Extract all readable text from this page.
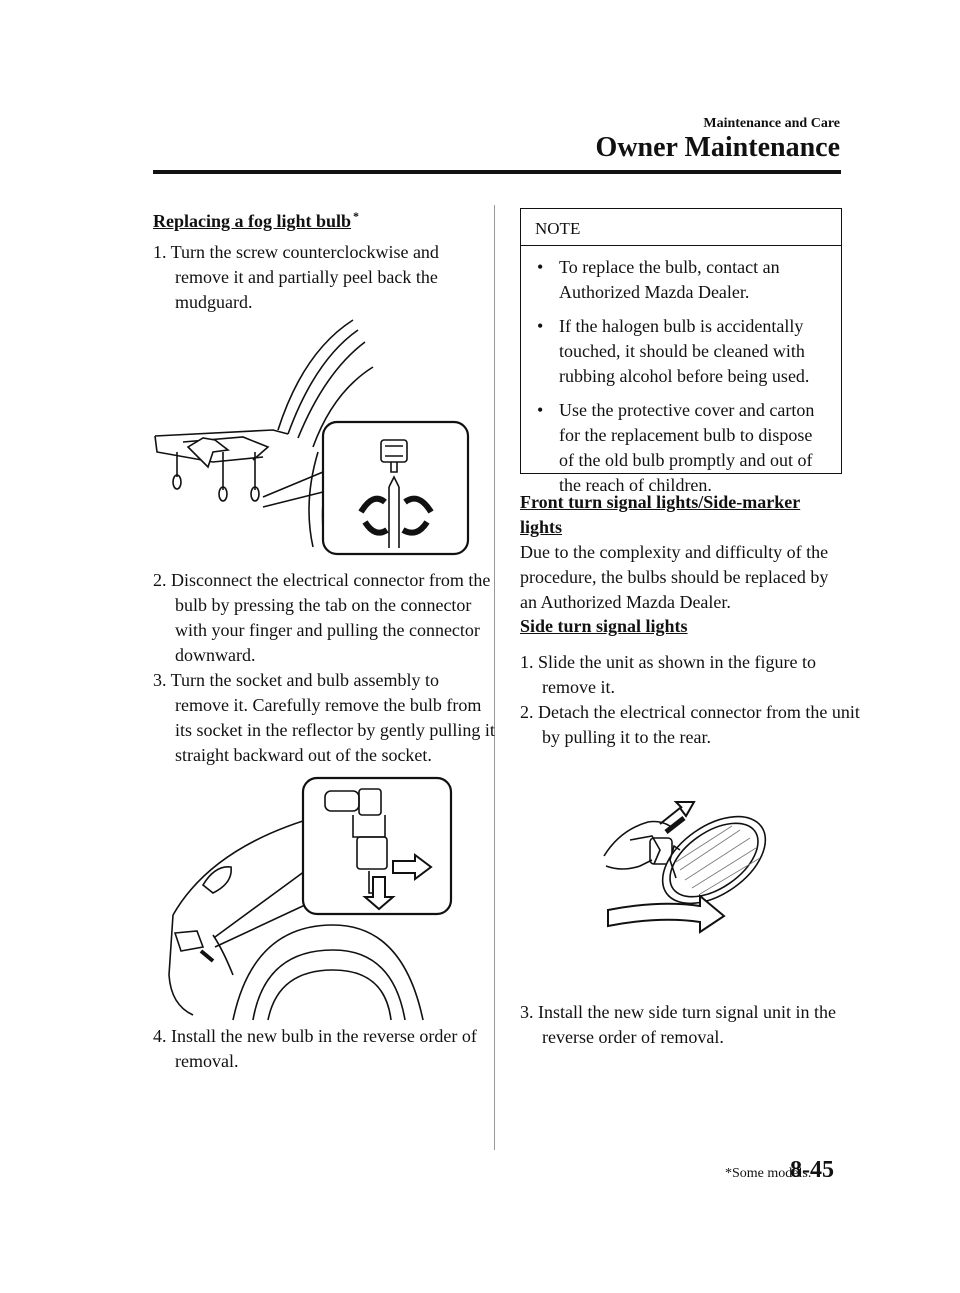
Maintenance and Care
Owner Maintenance
Replacing a fog light bulb *
1. Turn the screw counterclockwise and remove it and partially peel back the mudguard.
2. Disconnect the electrical connector from the bulb by pressing the tab on the connector with your finger and pulling the connector downward.
3. Turn the socket and bulb assembly to remove it. Carefully remove the bulb from its socket in the reflector by gently pulling it straight backward out of the socket.
4. Install the new bulb in the reverse order of removal.
NOTE
• To replace the bulb, contact an Authorized Mazda Dealer.
• If the halogen bulb is accidentally touched, it should be cleaned with rubbing alcohol before being used.
• Use the protective cover and carton for the replacement bulb to dispose of the old bulb promptly and out of the reach of children.
Front turn signal lights/Side-marker lights
Due to the complexity and difficulty of the procedure, the bulbs should be replaced by an Authorized Mazda Dealer.
Side turn signal lights
1. Slide the unit as shown in the figure to remove it.
2. Detach the electrical connector from the unit by pulling it to the rear.
3. Install the new side turn signal unit in the reverse order of removal.
*Some models.
8-45
